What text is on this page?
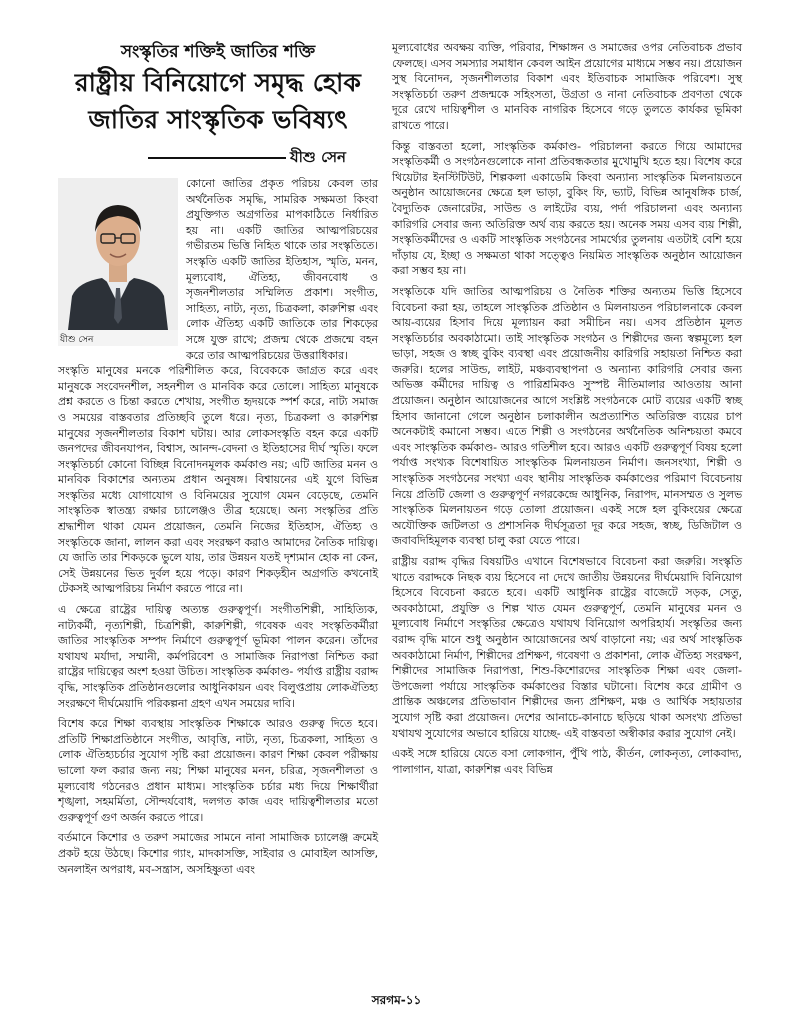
সংস্কৃতির শক্তিই জাতির শক্তি
রাষ্ট্রীয় বিনিয়োগে সমৃদ্ধ হোক
জাতির সাংস্কৃতিক ভবিষ্যৎ
যীশু সেন
যীশু সেন

কোনো জাতির প্রকৃত পরিচয় কেবল তার অর্থনৈতিক সমৃদ্ধি, সামরিক সক্ষমতা কিংবা প্রযুক্তিগত অগ্রগতির মাপকাঠিতে নির্ধারিত হয় না। একটি জাতির আত্মপরিচয়ের গভীরতম ভিত্তি নিহিত থাকে তার সংস্কৃতিতে। সংস্কৃতি একটি জাতির ইতিহাস, স্মৃতি, মনন, মূল্যবোধ, ঐতিহ্য, জীবনবোধ ও সৃজনশীলতার সম্মিলিত প্রকাশ। সংগীত, সাহিত্য, নাট্য, নৃত্য, চিত্রকলা, কারুশিল্প এবং লোক ঐতিহ্য একটি জাতিকে তার শিকড়ের সঙ্গে যুক্ত রাখে; প্রজন্ম থেকে প্রজন্মে বহন করে তার আত্মপরিচয়ের উত্তরাধিকার।

সংস্কৃতি মানুষের মনকে পরিশীলিত করে, বিবেককে জাগ্রত করে এবং মানুষকে সংবেদনশীল, সহনশীল ও মানবিক করে তোলে। সাহিত্য মানুষকে প্রশ্ন করতে ও চিন্তা করতে শেখায়, সংগীত হৃদয়কে স্পর্শ করে, নাট্য সমাজ ও সময়ের বাস্তবতার প্রতিচ্ছবি তুলে ধরে। নৃত্য, চিত্রকলা ও কারুশিল্প মানুষের সৃজনশীলতার বিকাশ ঘটায়। আর লোকসংস্কৃতি বহন করে একটি জনপদের জীবনযাপন, বিশ্বাস, আনন্দ-বেদনা ও ইতিহাসের দীর্ঘ স্মৃতি। ফলে সংস্কৃতিচর্চা কোনো বিচ্ছিন্ন বিনোদনমূলক কর্মকাণ্ড নয়; এটি জাতির মনন ও মানবিক বিকাশের অন্যতম প্রধান অনুষঙ্গ। বিশ্বায়নের এই যুগে বিভিন্ন সংস্কৃতির মধ্যে যোগাযোগ ও বিনিময়ের সুযোগ যেমন বেড়েছে, তেমনি সাংস্কৃতিক স্বাতন্ত্র্য রক্ষার চ্যালেঞ্জও তীব্র হয়েছে। অন্য সংস্কৃতির প্রতি শ্রদ্ধাশীল থাকা যেমন প্রয়োজন, তেমনি নিজের ইতিহাস, ঐতিহ্য ও সংস্কৃতিকে জানা, লালন করা এবং সংরক্ষণ করাও আমাদের নৈতিক দায়িত্ব। যে জাতি তার শিকড়কে ভুলে যায়, তার উন্নয়ন যতই দৃশ্যমান হোক না কেন, সেই উন্নয়নের ভিত দুর্বল হয়ে পড়ে। কারণ শিকড়হীন অগ্রগতি কখনোই টেকসই আত্মপরিচয় নির্মাণ করতে পারে না।

এ ক্ষেত্রে রাষ্ট্রের দায়িত্ব অত্যন্ত গুরুত্বপূর্ণ। সংগীতশিল্পী, সাহিত্যিক, নাট্যকর্মী, নৃত্যশিল্পী, চিত্রশিল্পী, কারুশিল্পী, গবেষক এবং সংস্কৃতিকর্মীরা জাতির সাংস্কৃতিক সম্পদ নির্মাণে গুরুত্বপূর্ণ ভূমিকা পালন করেন। তাঁদের যথাযথ মর্যাদা, সম্মানী, কর্মপরিবেশ ও সামাজিক নিরাপত্তা নিশ্চিত করা রাষ্ট্রের দায়িত্বের অংশ হওয়া উচিত। সাংস্কৃতিক কর্মকাণ্ড- পর্যাপ্ত রাষ্ট্রীয় বরাদ্দ বৃদ্ধি, সাংস্কৃতিক প্রতিষ্ঠানগুলোর আধুনিকায়ন এবং বিলুপ্তপ্রায় লোকঐতিহ্য সংরক্ষণে দীর্ঘমেয়াদি পরিকল্পনা গ্রহণ এখন সময়ের দাবি।

বিশেষ করে শিক্ষা ব্যবস্থায় সাংস্কৃতিক শিক্ষাকে আরও গুরুত্ব দিতে হবে। প্রতিটি শিক্ষাপ্রতিষ্ঠানে সংগীত, আবৃত্তি, নাট্য, নৃত্য, চিত্রকলা, সাহিত্য ও লোক ঐতিহ্যচর্চার সুযোগ সৃষ্টি করা প্রয়োজন। কারণ শিক্ষা কেবল পরীক্ষায় ভালো ফল করার জন্য নয়; শিক্ষা মানুষের মনন, চরিত্র, সৃজনশীলতা ও মূল্যবোধ গঠনেরও প্রধান মাধ্যম। সাংস্কৃতিক চর্চার মধ্য দিয়ে শিক্ষার্থীরা শৃঙ্খলা, সহমর্মিতা, সৌন্দর্যবোধ, দলগত কাজ এবং দায়িত্বশীলতার মতো গুরুত্বপূর্ণ গুণ অর্জন করতে পারে।

বর্তমানে কিশোর ও তরুণ সমাজের সামনে নানা সামাজিক চ্যালেঞ্জ ক্রমেই প্রকট হয়ে উঠছে। কিশোর গ্যাং, মাদকাসক্তি, সাইবার ও মোবাইল আসক্তি, অনলাইন অপরাধ, মব-সন্ত্রাস, অসহিষ্ণুতা এবং

মূল্যবোধের অবক্ষয় ব্যক্তি, পরিবার, শিক্ষাঙ্গন ও সমাজের ওপর নেতিবাচক প্রভাব ফেলছে। এসব সমস্যার সমাধান কেবল আইন প্রয়োগের মাধ্যমে সম্ভব নয়। প্রয়োজন সুস্থ বিনোদন, সৃজনশীলতার বিকাশ এবং ইতিবাচক সামাজিক পরিবেশ। সুস্থ সংস্কৃতিচর্চা তরুণ প্রজন্মকে সহিংসতা, উগ্রতা ও নানা নেতিবাচক প্রবণতা থেকে দূরে রেখে দায়িত্বশীল ও মানবিক নাগরিক হিসেবে গড়ে তুলতে কার্যকর ভূমিকা রাখতে পারে।

কিন্তু বাস্তবতা হলো, সাংস্কৃতিক কর্মকাণ্ড- পরিচালনা করতে গিয়ে আমাদের সংস্কৃতিকর্মী ও সংগঠনগুলোকে নানা প্রতিবন্ধকতার মুখোমুখি হতে হয়। বিশেষ করে থিয়েটার ইনস্টিটিউট, শিল্পকলা একাডেমি কিংবা অন্যান্য সাংস্কৃতিক মিলনায়তনে অনুষ্ঠান আয়োজনের ক্ষেত্রে হল ভাড়া, বুকিং ফি, ভ্যাট, বিভিন্ন আনুষঙ্গিক চার্জ, বৈদ্যুতিক জেনারেটর, সাউন্ড ও লাইটের ব্যয়, পর্দা পরিচালনা এবং অন্যান্য কারিগরি সেবার জন্য অতিরিক্ত অর্থ ব্যয় করতে হয়। অনেক সময় এসব ব্যয় শিল্পী, সংস্কৃতিকর্মীদের ও একটি সাংস্কৃতিক সংগঠনের সামর্থ্যের তুলনায় এতটাই বেশি হয়ে দাঁড়ায় যে, ইচ্ছা ও সক্ষমতা থাকা সত্ত্বেও নিয়মিত সাংস্কৃতিক অনুষ্ঠান আয়োজন করা সম্ভব হয় না।

সংস্কৃতিকে যদি জাতির আত্মপরিচয় ও নৈতিক শক্তির অন্যতম ভিত্তি হিসেবে বিবেচনা করা হয়, তাহলে সাংস্কৃতিক প্রতিষ্ঠান ও মিলনায়তন পরিচালনাকে কেবল আয়-ব্যয়ের হিসাব দিয়ে মূল্যায়ন করা সমীচিন নয়। এসব প্রতিষ্ঠান মূলত সংস্কৃতিচর্চার অবকাঠামো। তাই সাংস্কৃতিক সংগঠন ও শিল্পীদের জন্য স্বল্পমূল্যে হল ভাড়া, সহজ ও স্বচ্ছ বুকিং ব্যবস্থা এবং প্রয়োজনীয় কারিগরি সহায়তা নিশ্চিত করা জরুরি। হলের সাউন্ড, লাইট, মঞ্চব্যবস্থাপনা ও অন্যান্য কারিগরি সেবার জন্য অভিজ্ঞ কর্মীদের দায়িত্ব ও পারিশ্রমিকও সুস্পষ্ট নীতিমালার আওতায় আনা প্রয়োজন। অনুষ্ঠান আয়োজনের আগে সংশ্লিষ্ট সংগঠনকে মোট ব্যয়ের একটি স্বচ্ছ হিসাব জানানো গেলে অনুষ্ঠান চলাকালীন অপ্রত্যাশিত অতিরিক্ত ব্যয়ের চাপ অনেকটাই কমানো সম্ভব। এতে শিল্পী ও সংগঠনের অর্থনৈতিক অনিশ্চয়তা কমবে এবং সাংস্কৃতিক কর্মকাণ্ড- আরও গতিশীল হবে। আরও একটি গুরুত্বপূর্ণ বিষয় হলো পর্যাপ্ত সংখ্যক বিশেষায়িত সাংস্কৃতিক মিলনায়তন নির্মাণ। জনসংখ্যা, শিল্পী ও সাংস্কৃতিক সংগঠনের সংখ্যা এবং স্থানীয় সাংস্কৃতিক কর্মকাণ্ডের পরিমাণ বিবেচনায় নিয়ে প্রতিটি জেলা ও গুরুত্বপূর্ণ নগরকেন্দ্রে আধুনিক, নিরাপদ, মানসম্মত ও সুলভ সাংস্কৃতিক মিলনায়তন গড়ে তোলা প্রয়োজন। একই সঙ্গে হল বুকিংয়ের ক্ষেত্রে অযৌক্তিক জটিলতা ও প্রশাসনিক দীর্ঘসূত্রতা দূর করে সহজ, স্বচ্ছ, ডিজিটাল ও জবাবদিহিমূলক ব্যবস্থা চালু করা যেতে পারে।

রাষ্ট্রীয় বরাদ্দ বৃদ্ধির বিষয়টিও এখানে বিশেষভাবে বিবেচনা করা জরুরি। সংস্কৃতি খাতে বরাদ্দকে নিছক ব্যয় হিসেবে না দেখে জাতীয় উন্নয়নের দীর্ঘমেয়াদি বিনিয়োগ হিসেবে বিবেচনা করতে হবে। একটি আধুনিক রাষ্ট্রের বাজেটে সড়ক, সেতু, অবকাঠামো, প্রযুক্তি ও শিল্প খাত যেমন গুরুত্বপূর্ণ, তেমনি মানুষের মনন ও মূল্যবোধ নির্মাণে সংস্কৃতির ক্ষেত্রেও যথাযথ বিনিয়োগ অপরিহার্য। সংস্কৃতির জন্য বরাদ্দ বৃদ্ধি মানে শুধু অনুষ্ঠান আয়োজনের অর্থ বাড়ানো নয়; এর অর্থ সাংস্কৃতিক অবকাঠামো নির্মাণ, শিল্পীদের প্রশিক্ষণ, গবেষণা ও প্রকাশনা, লোক ঐতিহ্য সংরক্ষণ, শিল্পীদের সামাজিক নিরাপত্তা, শিশু-কিশোরদের সাংস্কৃতিক শিক্ষা এবং জেলা-উপজেলা পর্যায়ে সাংস্কৃতিক কর্মকাণ্ডের বিস্তার ঘটানো। বিশেষ করে গ্রামীণ ও প্রান্তিক অঞ্চলের প্রতিভাবান শিল্পীদের জন্য প্রশিক্ষণ, মঞ্চ ও আর্থিক সহায়তার সুযোগ সৃষ্টি করা প্রয়োজন। দেশের আনাচে-কানাচে ছড়িয়ে থাকা অসংখ্য প্রতিভা যথাযথ সুযোগের অভাবে হারিয়ে যাচ্ছে- এই বাস্তবতা অস্বীকার করার সুযোগ নেই।

একই সঙ্গে হারিয়ে যেতে বসা লোকগান, পুঁথি পাঠ, কীর্তন, লোকনৃত্য, লোকবাদ্য, পালাগান, যাত্রা, কারুশিল্প এবং বিভিন্ন

সরগম-১১
